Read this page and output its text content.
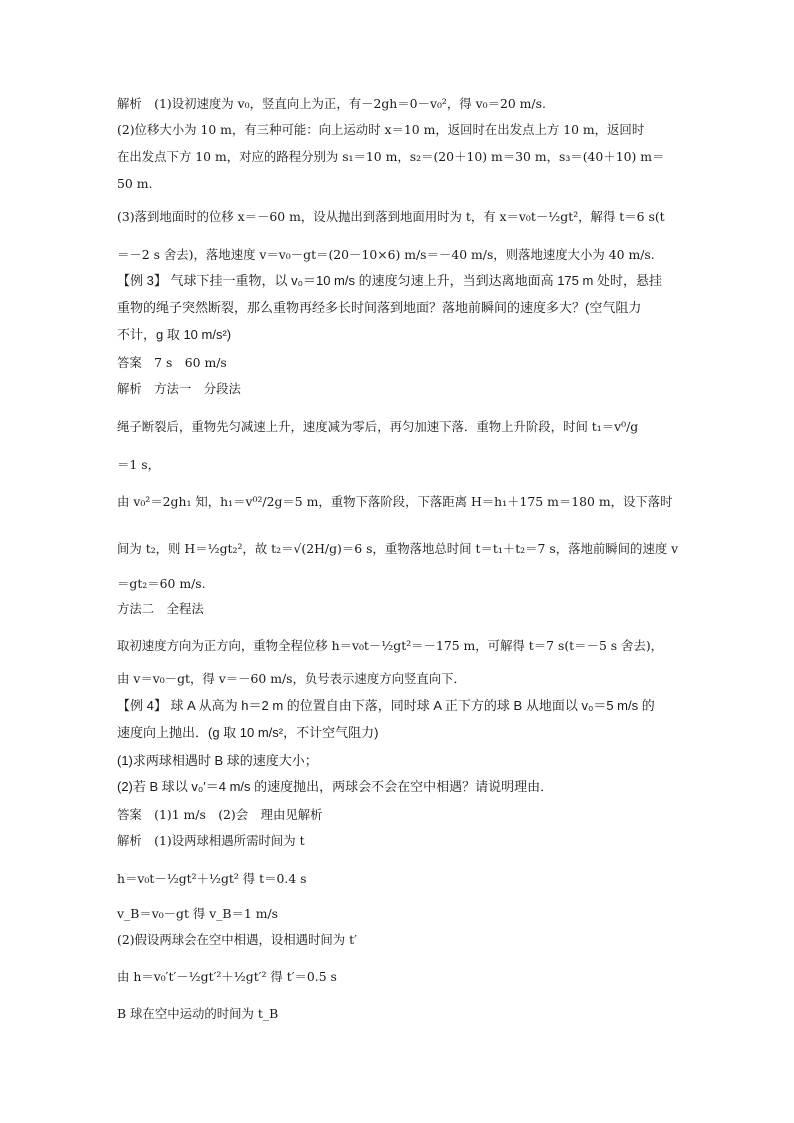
解析　(1)设初速度为 v₀，竖直向上为正，有－2gh＝0－v₀²，得 v₀＝20 m/s.
(2)位移大小为 10 m，有三种可能：向上运动时 x＝10 m，返回时在出发点上方 10 m，返回时
在出发点下方 10 m，对应的路程分别为 s₁＝10 m，s₂＝(20＋10) m＝30 m，s₃＝(40＋10) m＝
50 m.
(3)落到地面时的位移 x＝－60 m，设从抛出到落到地面用时为 t，有 x＝v₀t－½gt²，解得 t＝6 s(t
＝－2 s 舍去)，落地速度 v＝v₀－gt＝(20－10×6) m/s＝－40 m/s，则落地速度大小为 40 m/s.
【例 3】 气球下挂一重物，以 v₀＝10 m/s 的速度匀速上升，当到达离地面高 175 m 处时，悬挂
重物的绳子突然断裂，那么重物再经多长时间落到地面？落地前瞬间的速度多大？(空气阻力
不计，g 取 10 m/s²)
答案　7 s　60 m/s
解析　方法一　分段法
绳子断裂后，重物先匀减速上升，速度减为零后，再匀加速下落．重物上升阶段，时间 t₁＝v⁰/g
＝1 s，
由 v₀²＝2gh₁ 知，h₁＝v⁰²/2g＝5 m，重物下落阶段，下落距离 H＝h₁＋175 m＝180 m，设下落时
间为 t₂，则 H＝½gt₂²，故 t₂＝√(2H/g)＝6 s，重物落地总时间 t＝t₁＋t₂＝7 s，落地前瞬间的速度 v
＝gt₂＝60 m/s.
方法二　全程法
取初速度方向为正方向，重物全程位移 h＝v₀t－½gt²＝－175 m，可解得 t＝7 s(t＝－5 s 舍去)，
由 v＝v₀－gt，得 v＝－60 m/s，负号表示速度方向竖直向下．
【例 4】 球 A 从高为 h＝2 m 的位置自由下落，同时球 A 正下方的球 B 从地面以 v₀＝5 m/s 的
速度向上抛出．(g 取 10 m/s²，不计空气阻力)
(1)求两球相遇时 B 球的速度大小；
(2)若 B 球以 v₀′＝4 m/s 的速度抛出，两球会不会在空中相遇？请说明理由．
答案　(1)1 m/s　(2)会　理由见解析
解析　(1)设两球相遇所需时间为 t
h＝v₀t－½gt²＋½gt² 得 t＝0.4 s
v_B＝v₀－gt 得 v_B＝1 m/s
(2)假设两球会在空中相遇，设相遇时间为 t′
由 h＝v₀′t′－½gt′²＋½gt′² 得 t′＝0.5 s
B 球在空中运动的时间为 t_B
